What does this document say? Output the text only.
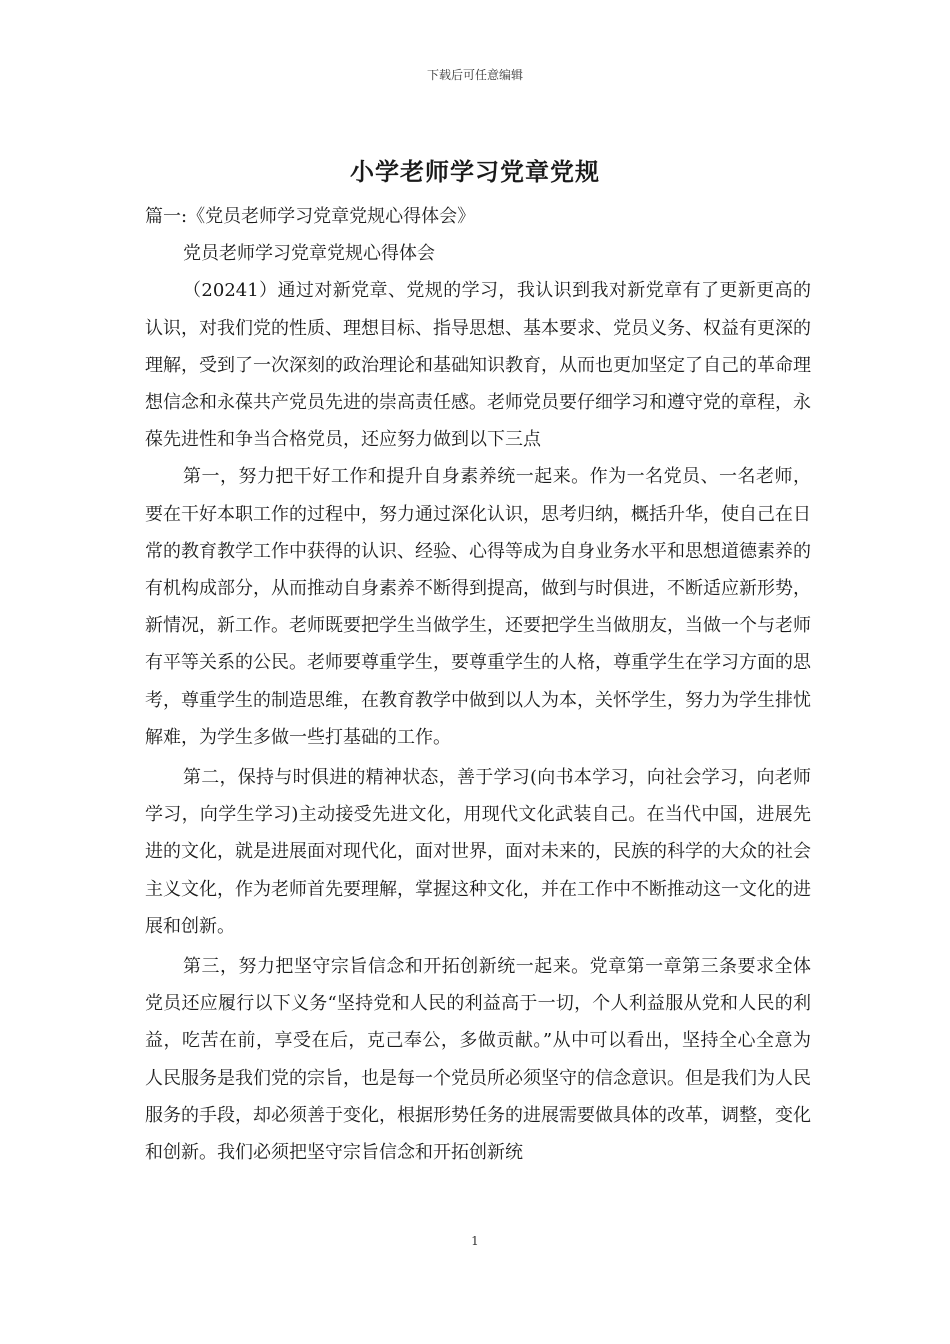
下载后可任意编辑
小学老师学习党章党规

篇一:《党员老师学习党章党规心得体会》

党员老师学习党章党规心得体会

（20241）通过对新党章、党规的学习，我认识到我对新党章有了更新更高的认识，对我们党的性质、理想目标、指导思想、基本要求、党员义务、权益有更深的理解，受到了一次深刻的政治理论和基础知识教育，从而也更加坚定了自己的革命理想信念和永葆共产党员先进的崇高责任感。老师党员要仔细学习和遵守党的章程，永葆先进性和争当合格党员，还应努力做到以下三点

第一，努力把干好工作和提升自身素养统一起来。作为一名党员、一名老师，要在干好本职工作的过程中，努力通过深化认识，思考归纳，概括升华，使自己在日常的教育教学工作中获得的认识、经验、心得等成为自身业务水平和思想道德素养的有机构成部分，从而推动自身素养不断得到提高，做到与时俱进，不断适应新形势，新情况，新工作。老师既要把学生当做学生，还要把学生当做朋友，当做一个与老师有平等关系的公民。老师要尊重学生，要尊重学生的人格，尊重学生在学习方面的思考，尊重学生的制造思维，在教育教学中做到以人为本，关怀学生，努力为学生排忧解难，为学生多做一些打基础的工作。

第二，保持与时俱进的精神状态，善于学习(向书本学习，向社会学习，向老师学习，向学生学习)主动接受先进文化，用现代文化武装自己。在当代中国，进展先进的文化，就是进展面对现代化，面对世界，面对未来的，民族的科学的大众的社会主义文化，作为老师首先要理解，掌握这种文化，并在工作中不断推动这一文化的进展和创新。

第三，努力把坚守宗旨信念和开拓创新统一起来。党章第一章第三条要求全体党员还应履行以下义务“坚持党和人民的利益高于一切，个人利益服从党和人民的利益，吃苦在前，享受在后，克己奉公，多做贡献。”从中可以看出，坚持全心全意为人民服务是我们党的宗旨，也是每一个党员所必须坚守的信念意识。但是我们为人民服务的手段，却必须善于变化，根据形势任务的进展需要做具体的改革，调整，变化和创新。我们必须把坚守宗旨信念和开拓创新统

1
